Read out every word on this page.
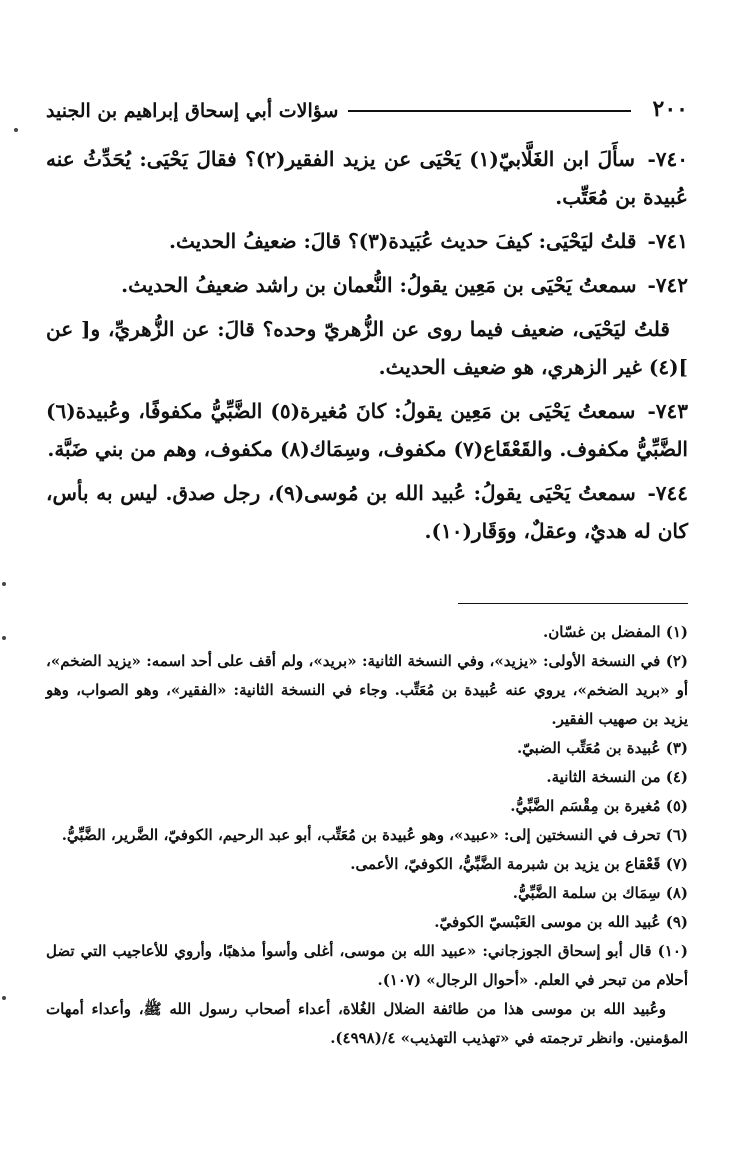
٢٠٠
سؤالات أبي إسحاق إبراهيم بن الجنيد

٧٤٠- سأَلَ ابن الغَلَّابيّ(١) يَحْيَى عن يزيد الفقير(٢)؟ فقالَ يَحْيَى: يُحَدِّثُ عنه عُبيدة بن مُعَتِّب.

٧٤١- قلتُ ليَحْيَى: كيفَ حديث عُبَيدة(٣)؟ قالَ: ضعيفُ الحديث.

٧٤٢- سمعتُ يَحْيَى بن مَعِين يقولُ: النُّعمان بن راشد ضعيفُ الحديث.

قلتُ ليَحْيَى، ضعيف فيما روى عن الزُّهريّ وحده؟ قالَ: عن الزُّهريِّ، و[ عن ](٤) غير الزهري، هو ضعيف الحديث.

٧٤٣- سمعتُ يَحْيَى بن مَعِين يقولُ: كانَ مُغيرة(٥) الضَّبِّيُّ مكفوفًا، وعُبيدة(٦) الضَّبِّيُّ مكفوف. والقَعْقَاع(٧) مكفوف، وسِمَاك(٨) مكفوف، وهم من بني ضَبَّة.

٧٤٤- سمعتُ يَحْيَى يقولُ: عُبيد الله بن مُوسى(٩)، رجل صدق. ليس به بأس، كان له هديٌ، وعقلٌ، ووَقَار(١٠).

(١) المفضل بن غسّان.

(٢) في النسخة الأولى: «يزيد»، وفي النسخة الثانية: «بريد»، ولم أقف على أحد اسمه: «يزيد الضخم»، أو «بريد الضخم»، يروي عنه عُبيدة بن مُعَتِّب. وجاء في النسخة الثانية: «الفقير»، وهو الصواب، وهو يزيد بن صهيب الفقير.

(٣) عُبيدة بن مُعَتِّب الضبيّ.

(٤) من النسخة الثانية.

(٥) مُغيرة بن مِقْسَم الضَّبِّيُّ.

(٦) تحرف في النسختين إلى: «عبيد»، وهو عُبيدة بن مُعَتِّب، أبو عبد الرحيم، الكوفيّ، الضَّرير، الضَّبِّيُّ.

(٧) قَعْقاع بن يزيد بن شبرمة الضَّبِّيُّ، الكوفيّ، الأعمى.

(٨) سِمَاك بن سلمة الضَّبِّيُّ.

(٩) عُبيد الله بن موسى العَبْسيّ الكوفيّ.

(١٠) قال أبو إسحاق الجوزجاني: «عبيد الله بن موسى، أغلى وأسوأ مذهبًا، وأروي للأعاجيب التي تضل أحلام من تبحر في العلم. «أحوال الرجال» (١٠٧).

وعُبيد الله بن موسى هذا من طائفة الضلال الغُلاة، أعداء أصحاب رسول الله ﷺ، وأعداء أمهات المؤمنين. وانظر ترجمته في «تهذيب التهذيب» ٤/(٤٩٩٨).
